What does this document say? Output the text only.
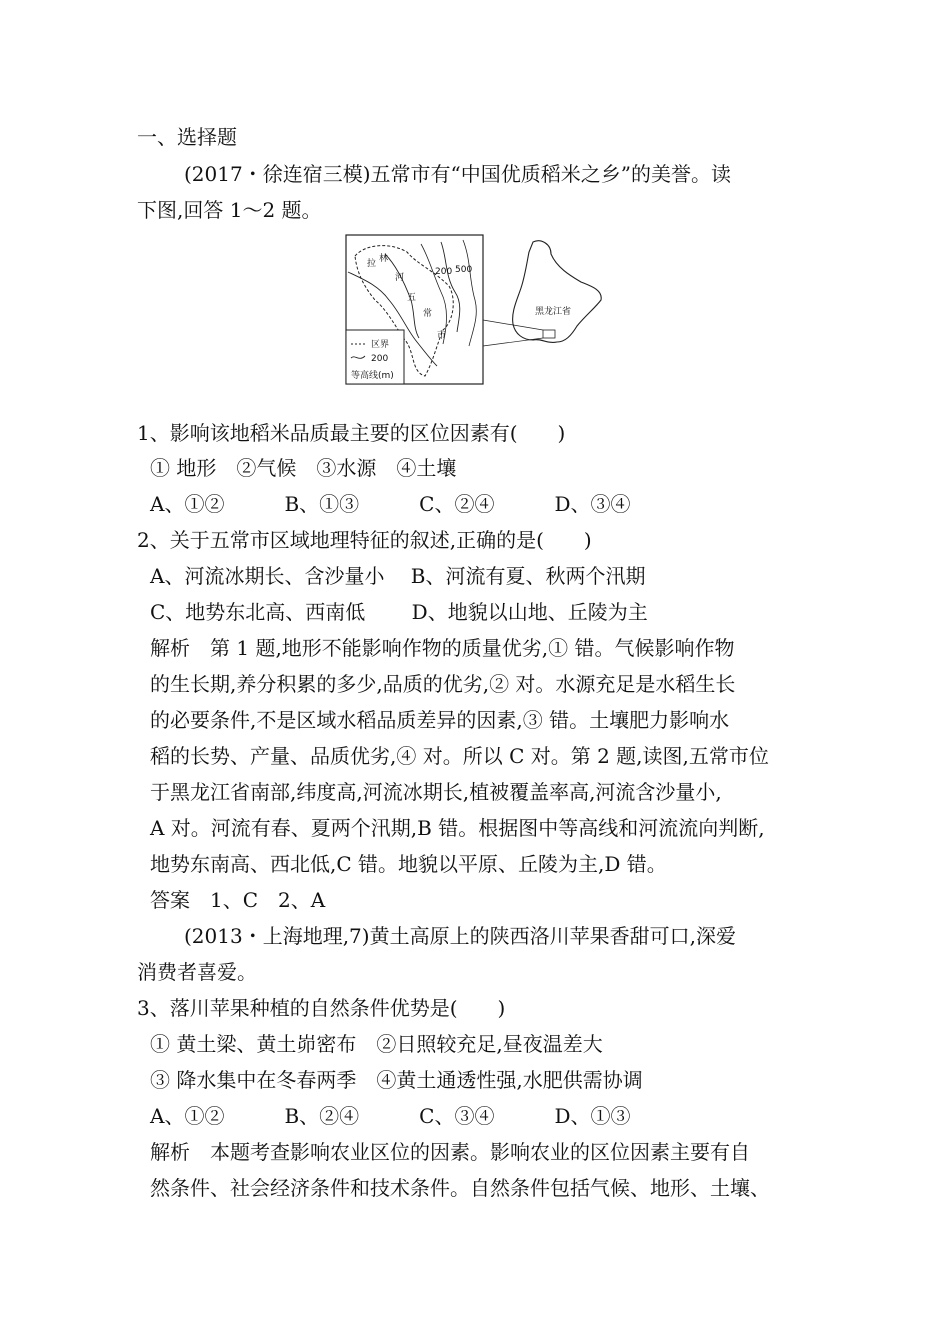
一、选择题
(2017・徐连宿三模)五常市有“中国优质稻米之乡”的美誉。读
下图,回答 1～2 题。
拉 林
河
五
常
市
200 500
区界
200
等高线(m)
黑龙江省
1、影响该地稻米品质最主要的区位因素有(　　)
① 地形　②气候　③水源　④土壤
A、①②　　　B、①③　　　C、②④　　　D、③④
2、关于五常市区域地理特征的叙述,正确的是(　　)
A、河流冰期长、含沙量小　 B、河流有夏、秋两个汛期
C、地势东北高、西南低　　 D、地貌以山地、丘陵为主
解析　第 1 题,地形不能影响作物的质量优劣,① 错。气候影响作物
的生长期,养分积累的多少,品质的优劣,② 对。水源充足是水稻生长
的必要条件,不是区域水稻品质差异的因素,③ 错。土壤肥力影响水
稻的长势、产量、品质优劣,④ 对。所以 C 对。第 2 题,读图,五常市位
于黑龙江省南部,纬度高,河流冰期长,植被覆盖率高,河流含沙量小,
A 对。河流有春、夏两个汛期,B 错。根据图中等高线和河流流向判断,
地势东南高、西北低,C 错。地貌以平原、丘陵为主,D 错。
答案　1、C　2、A
(2013・上海地理,7)黄土高原上的陕西洛川苹果香甜可口,深爱
消费者喜爱。
3、落川苹果种植的自然条件优势是(　　)
① 黄土梁、黄土峁密布　②日照较充足,昼夜温差大
③ 降水集中在冬春两季　④黄土通透性强,水肥供需协调
A、①②　　　B、②④　　　C、③④　　　D、①③
解析　本题考查影响农业区位的因素。影响农业的区位因素主要有自
然条件、社会经济条件和技术条件。自然条件包括气候、地形、土壤、
